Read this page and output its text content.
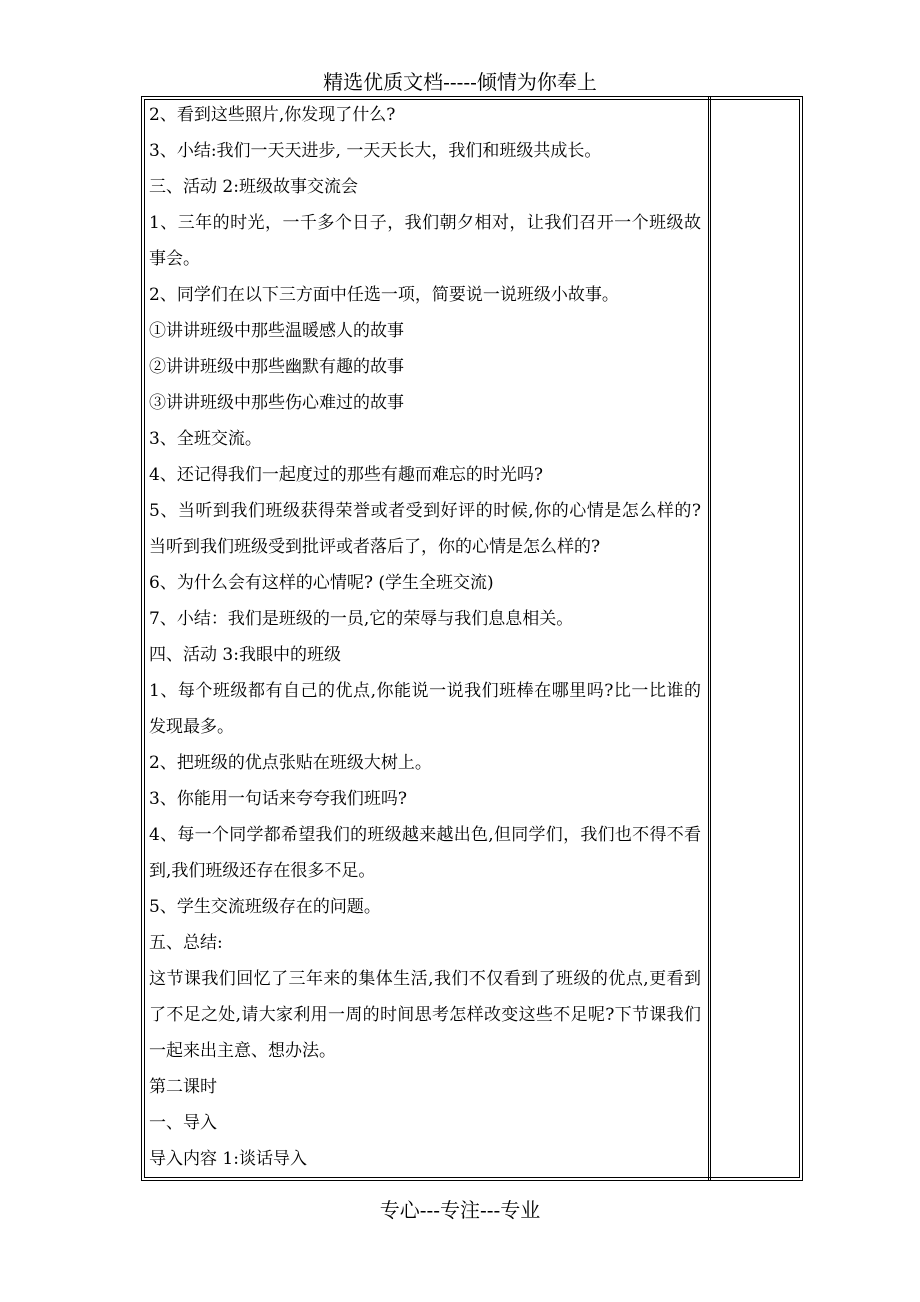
精选优质文档-----倾情为你奉上

2、看到这些照片,你发现了什么?

3、小结:我们一天天进步, 一天天长大，我们和班级共成长。

三、活动 2:班级故事交流会

1、三年的时光，一千多个日子，我们朝夕相对，让我们召开一个班级故事会。

2、同学们在以下三方面中任选一项，简要说一说班级小故事。

①讲讲班级中那些温暖感人的故事

②讲讲班级中那些幽默有趣的故事

③讲讲班级中那些伤心难过的故事

3、全班交流。

4、还记得我们一起度过的那些有趣而难忘的时光吗?

5、当听到我们班级获得荣誉或者受到好评的时候,你的心情是怎么样的?当听到我们班级受到批评或者落后了，你的心情是怎么样的?

6、为什么会有这样的心情呢? (学生全班交流)

7、小结：我们是班级的一员,它的荣辱与我们息息相关。

四、活动 3:我眼中的班级

1、每个班级都有自己的优点,你能说一说我们班棒在哪里吗?比一比谁的发现最多。

2、把班级的优点张贴在班级大树上。

3、你能用一句话来夸夸我们班吗?

4、每一个同学都希望我们的班级越来越出色,但同学们，我们也不得不看到,我们班级还存在很多不足。

5、学生交流班级存在的问题。

五、总结:

这节课我们回忆了三年来的集体生活,我们不仅看到了班级的优点,更看到了不足之处,请大家利用一周的时间思考怎样改变这些不足呢?下节课我们一起来出主意、想办法。

第二课时

一、导入

导入内容 1:谈话导入

专心---专注---专业
